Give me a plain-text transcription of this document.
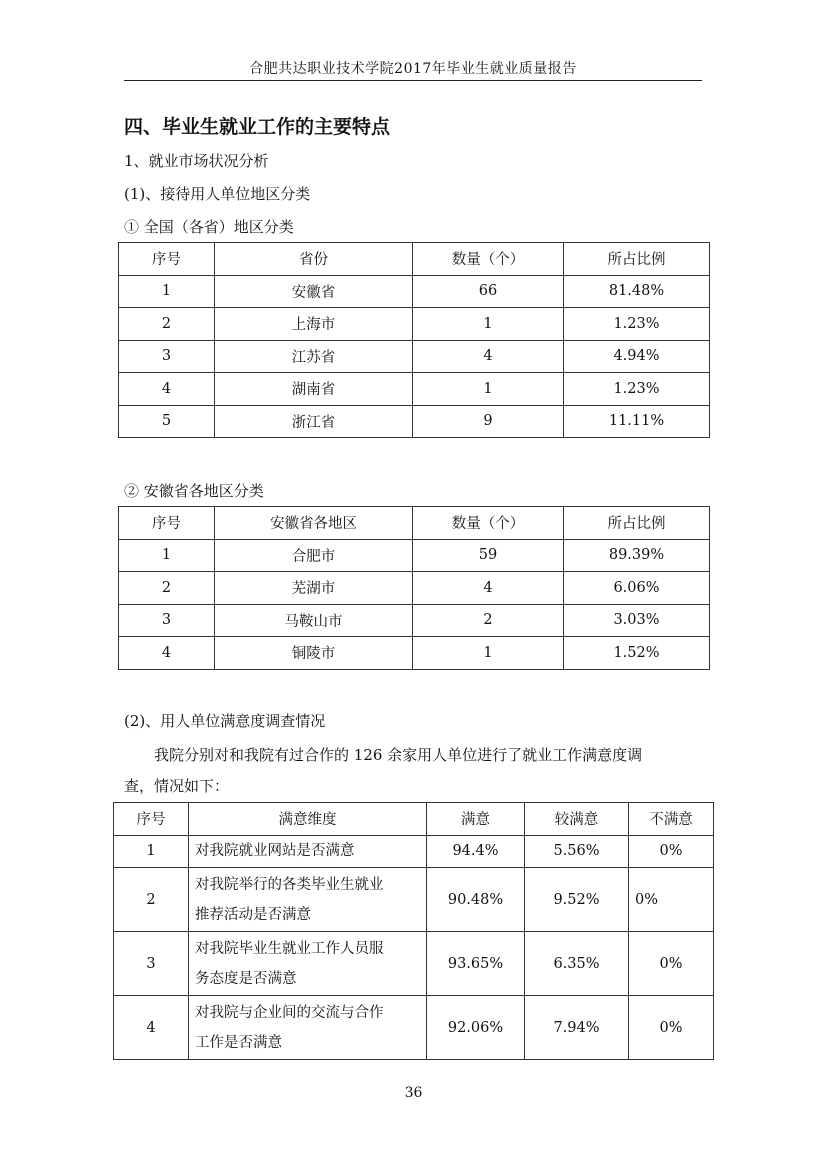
合肥共达职业技术学院2017年毕业生就业质量报告
四、毕业生就业工作的主要特点
1、就业市场状况分析
(1)、接待用人单位地区分类
① 全国（各省）地区分类
序号	省份	数量（个）	所占比例
1	安徽省	66	81.48%
2	上海市	1	1.23%
3	江苏省	4	4.94%
4	湖南省	1	1.23%
5	浙江省	9	11.11%
② 安徽省各地区分类
序号	安徽省各地区	数量（个）	所占比例
1	合肥市	59	89.39%
2	芜湖市	4	6.06%
3	马鞍山市	2	3.03%
4	铜陵市	1	1.52%
(2)、用人单位满意度调查情况
我院分别对和我院有过合作的 126 余家用人单位进行了就业工作满意度调
查，情况如下：
序号	满意维度	满意	较满意	不满意
1	对我院就业网站是否满意	94.4%	5.56%	0%
2	对我院举行的各类毕业生就业
推荐活动是否满意	90.48%	9.52%	0%
3	对我院毕业生就业工作人员服
务态度是否满意	93.65%	6.35%	0%
4	对我院与企业间的交流与合作
工作是否满意	92.06%	7.94%	0%
36
